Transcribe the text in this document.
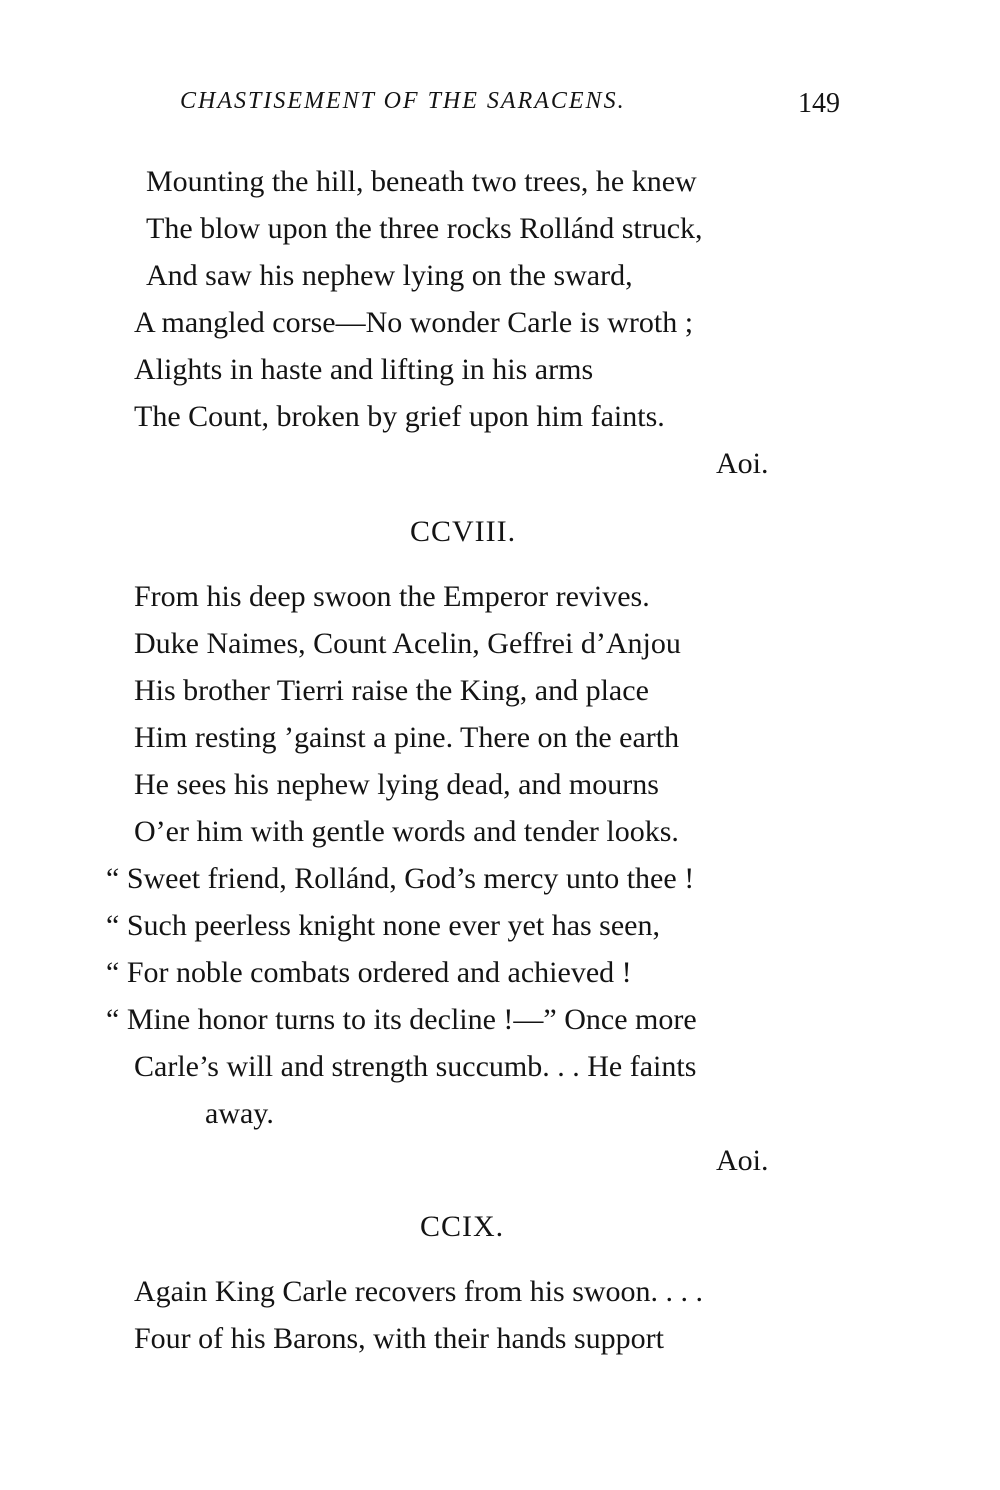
CHASTISEMENT OF THE SARACENS.	149
Mounting the hill, beneath two trees, he knew
The blow upon the three rocks Rollánd struck,
And saw his nephew lying on the sward,
A mangled corse—No wonder Carle is wroth ;
Alights in haste and lifting in his arms
The Count, broken by grief upon him faints.
Aoi.
CCVIII.
From his deep swoon the Emperor revives.
Duke Naimes, Count Acelin, Geffrei d’Anjou
His brother Tierri raise the King, and place
Him resting ’gainst a pine. There on the earth
He sees his nephew lying dead, and mourns
O’er him with gentle words and tender looks.
“ Sweet friend, Rollánd, God’s mercy unto thee !
“ Such peerless knight none ever yet has seen,
“ For noble combats ordered and achieved !
“ Mine honor turns to its decline !—” Once more
Carle’s will and strength succumb. . . He faints
away.
Aoi.
CCIX.
Again King Carle recovers from his swoon. . . .
Four of his Barons, with their hands support
